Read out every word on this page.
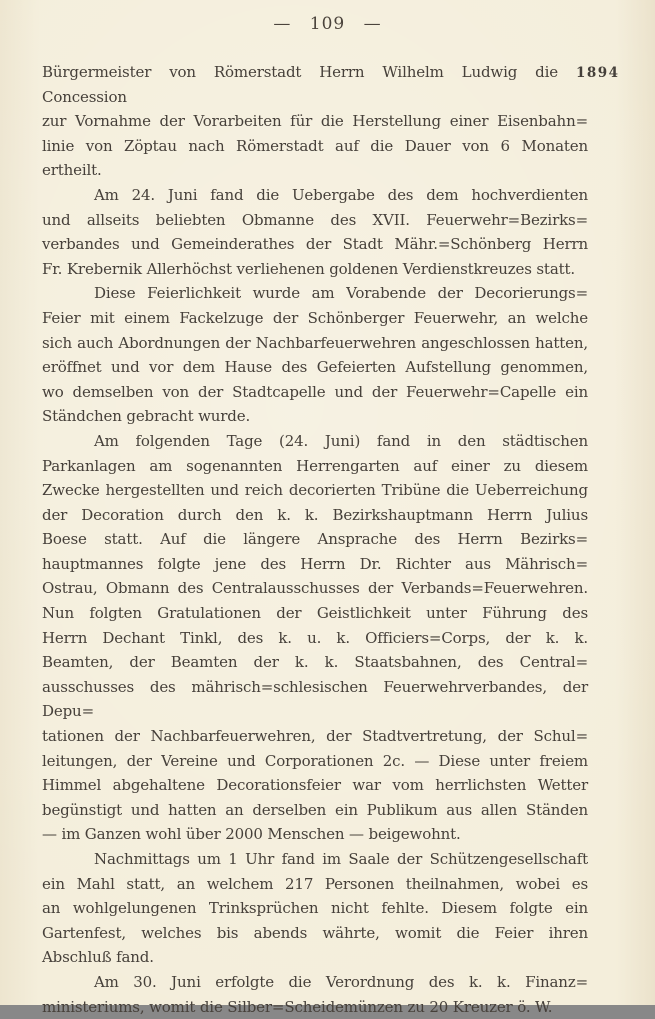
— 109 —
1894
Bürgermeister von Römerstadt Herrn Wilhelm Ludwig die Concession
zur Vornahme der Vorarbeiten für die Herstellung einer Eisenbahn=
linie von Zöptau nach Römerstadt auf die Dauer von 6 Monaten
ertheilt.
Am 24. Juni fand die Uebergabe des dem hochverdienten
und allseits beliebten Obmanne des XVII. Feuerwehr=Bezirks=
verbandes und Gemeinderathes der Stadt Mähr.=Schönberg Herrn
Fr. Krebernik Allerhöchst verliehenen goldenen Verdienstkreuzes statt.
Diese Feierlichkeit wurde am Vorabende der Decorierungs=
Feier mit einem Fackelzuge der Schönberger Feuerwehr, an welche
sich auch Abordnungen der Nachbarfeuerwehren angeschlossen hatten,
eröffnet und vor dem Hause des Gefeierten Aufstellung genommen,
wo demselben von der Stadtcapelle und der Feuerwehr=Capelle ein
Ständchen gebracht wurde.
Am folgenden Tage (24. Juni) fand in den städtischen
Parkanlagen am sogenannten Herrengarten auf einer zu diesem
Zwecke hergestellten und reich decorierten Tribüne die Ueberreichung
der Decoration durch den k. k. Bezirkshauptmann Herrn Julius
Boese statt. Auf die längere Ansprache des Herrn Bezirks=
hauptmannes folgte jene des Herrn Dr. Richter aus Mährisch=
Ostrau, Obmann des Centralausschusses der Verbands=Feuerwehren.
Nun folgten Gratulationen der Geistlichkeit unter Führung des
Herrn Dechant Tinkl, des k. u. k. Officiers=Corps, der k. k.
Beamten, der Beamten der k. k. Staatsbahnen, des Central=
ausschusses des mährisch=schlesischen Feuerwehrverbandes, der Depu=
tationen der Nachbarfeuerwehren, der Stadtvertretung, der Schul=
leitungen, der Vereine und Corporationen 2c. — Diese unter freiem
Himmel abgehaltene Decorationsfeier war vom herrlichsten Wetter
begünstigt und hatten an derselben ein Publikum aus allen Ständen
— im Ganzen wohl über 2000 Menschen — beigewohnt.
Nachmittags um 1 Uhr fand im Saale der Schützengesellschaft
ein Mahl statt, an welchem 217 Personen theilnahmen, wobei es
an wohlgelungenen Trinksprüchen nicht fehlte. Diesem folgte ein
Gartenfest, welches bis abends währte, womit die Feier ihren
Abschluß fand.
Am 30. Juni erfolgte die Verordnung des k. k. Finanz=
ministeriums, womit die Silber=Scheidemünzen zu 20 Kreuzer ö. W.
